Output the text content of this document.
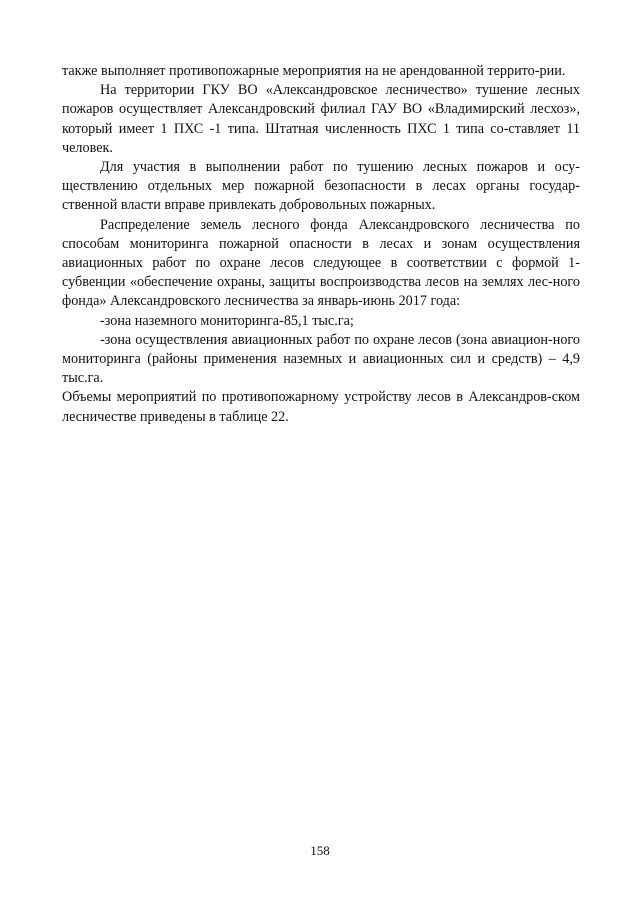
также выполняет противопожарные мероприятия на не арендованной террито-рии.

На территории ГКУ ВО «Александровское лесничество» тушение лесных пожаров осуществляет Александровский филиал ГАУ ВО «Владимирский лесхоз», который имеет 1 ПХС -1 типа. Штатная численность ПХС 1 типа со-ставляет 11 человек.

Для участия в выполнении работ по тушению лесных пожаров и осу-ществлению отдельных мер пожарной безопасности в лесах органы государ-ственной власти вправе привлекать добровольных пожарных.

Распределение земель лесного фонда Александровского лесничества по способам мониторинга пожарной опасности в лесах и зонам осуществления авиационных работ по охране лесов следующее в соответствии с формой 1-субвенции «обеспечение охраны, защиты воспроизводства лесов на землях лес-ного фонда» Александровского лесничества за январь-июнь 2017 года:

-зона наземного мониторинга-85,1 тыс.га;

-зона осуществления авиационных работ по охране лесов (зона авиацион-ного мониторинга (районы применения наземных и авиационных сил и средств) – 4,9 тыс.га.

Объемы мероприятий по противопожарному устройству лесов в Александров-ском лесничестве приведены в таблице 22.

158
